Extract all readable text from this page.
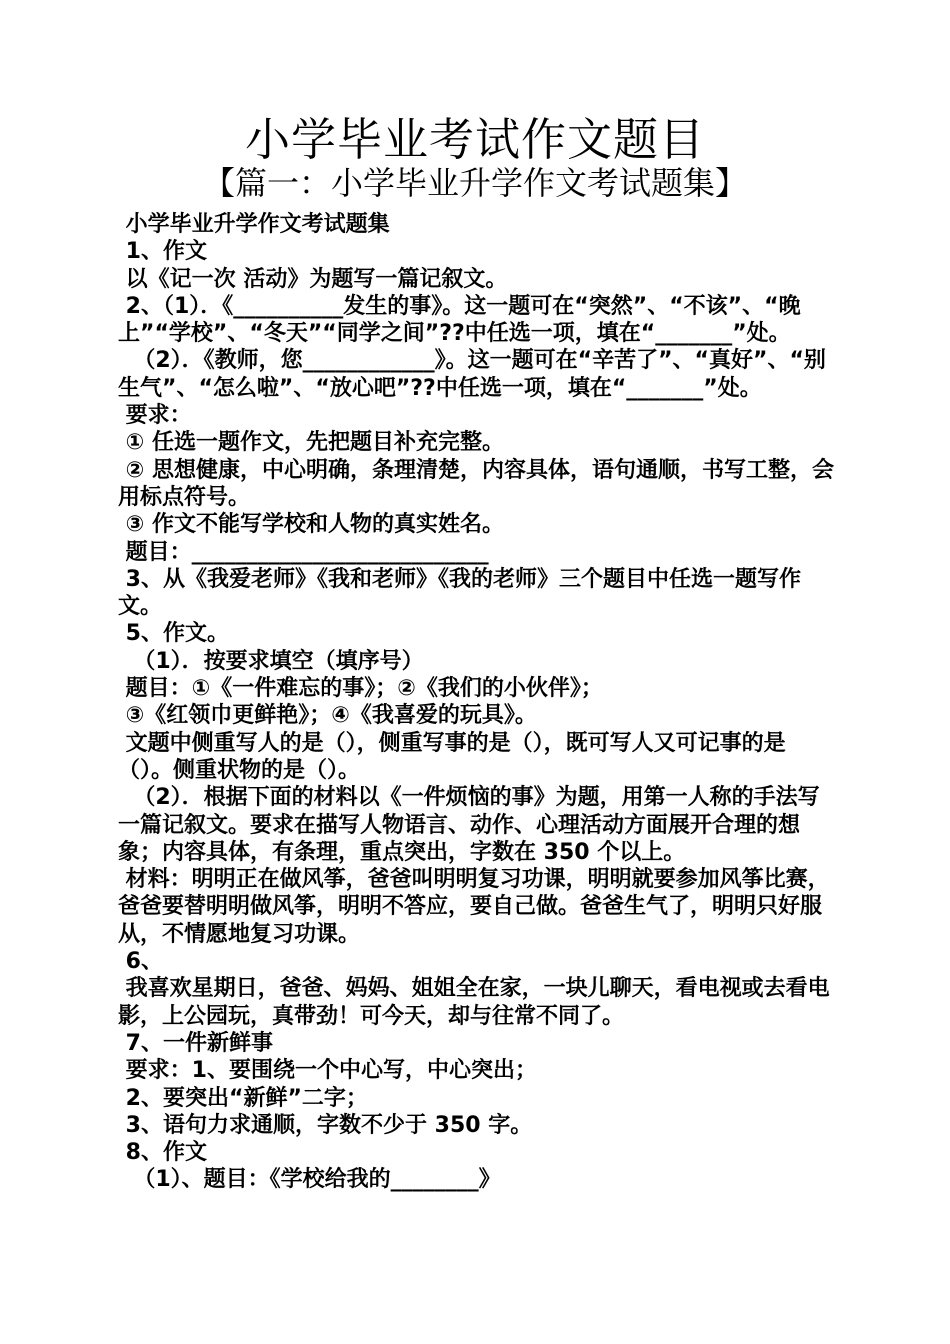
小学毕业考试作文题目
【篇一：小学毕业升学作文考试题集】

小学毕业升学作文考试题集

1、作文

以《记一次 活动》为题写一篇记叙文。

2、（1）．《__________发生的事》。这一题可在“突然”、“不该”、“晚上”“学校”、“冬天”“同学之间”??中任选一项，填在“_______”处。

（2）．《教师，您____________》。这一题可在“辛苦了”、“真好”、“别生气”、“怎么啦”、“放心吧”??中任选一项，填在“_______”处。

要求：

① 任选一题作文，先把题目补充完整。

② 思想健康，中心明确，条理清楚，内容具体，语句通顺，书写工整，会用标点符号。

③ 作文不能写学校和人物的真实姓名。

题目：___________________________

3、从《我爱老师》《我和老师》《我的老师》三个题目中任选一题写作文。

5、作文。

（1）．按要求填空（填序号）

题目：①《一件难忘的事》；②《我们的小伙伴》；

③《红领巾更鲜艳》；④《我喜爱的玩具》。

文题中侧重写人的是（），侧重写事的是（），既可写人又可记事的是（）。侧重状物的是（）。

（2）．根据下面的材料以《一件烦恼的事》为题，用第一人称的手法写一篇记叙文。要求在描写人物语言、动作、心理活动方面展开合理的想象；内容具体，有条理，重点突出，字数在 350 个以上。

材料：明明正在做风筝，爸爸叫明明复习功课，明明就要参加风筝比赛，爸爸要替明明做风筝，明明不答应，要自己做。爸爸生气了，明明只好服从，不情愿地复习功课。

6、

我喜欢星期日，爸爸、妈妈、姐姐全在家，一块儿聊天，看电视或去看电影，上公园玩，真带劲！可今天，却与往常不同了。

7、一件新鲜事

要求：1、要围绕一个中心写，中心突出；

2、要突出“新鲜”二字；

3、语句力求通顺，字数不少于 350 字。

8、作文

（1）、题目：《学校给我的________》
